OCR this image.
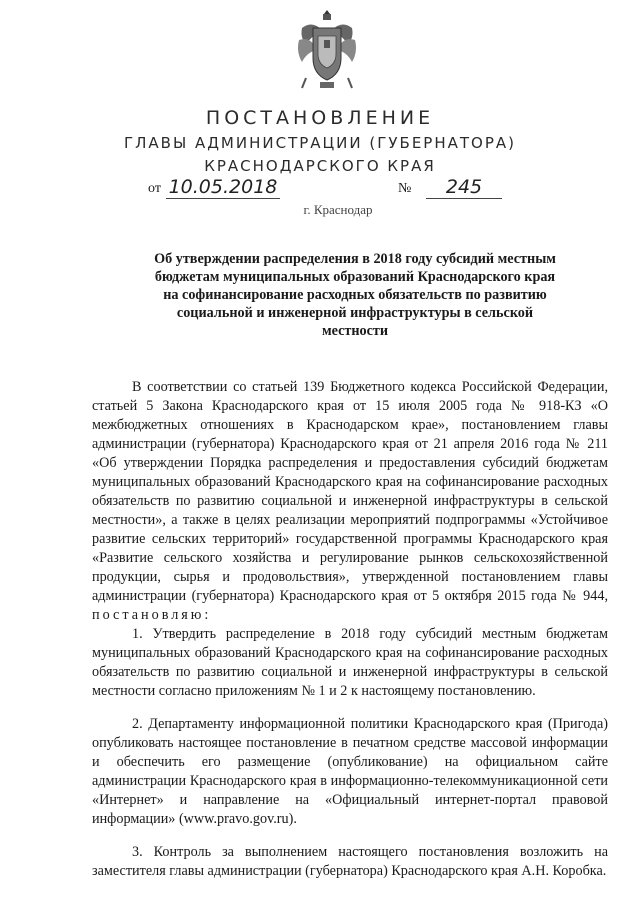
ПОСТАНОВЛЕНИЕ
ГЛАВЫ АДМИНИСТРАЦИИ (ГУБЕРНАТОРА)
КРАСНОДАРСКОГО КРАЯ
от 10.05.2018	№	245
г. Краснодар
Об утверждении распределения в 2018 году субсидий местным бюджетам муниципальных образований Краснодарского края на софинансирование расходных обязательств по развитию социальной и инженерной инфраструктуры в сельской местности

В соответствии со статьей 139 Бюджетного кодекса Российской Федерации, статьей 5 Закона Краснодарского края от 15 июля 2005 года № 918-КЗ «О межбюджетных отношениях в Краснодарском крае», постановлением главы администрации (губернатора) Краснодарского края от 21 апреля 2016 года № 211 «Об утверждении Порядка распределения и предоставления субсидий бюджетам муниципальных образований Краснодарского края на софинансирование расходных обязательств по развитию социальной и инженерной инфраструктуры в сельской местности», а также в целях реализации мероприятий подпрограммы «Устойчивое развитие сельских территорий» государственной программы Краснодарского края «Развитие сельского хозяйства и регулирование рынков сельскохозяйственной продукции, сырья и продовольствия», утвержденной постановлением главы администрации (губернатора) Краснодарского края от 5 октября 2015 года № 944, постановляю:

1. Утвердить распределение в 2018 году субсидий местным бюджетам муниципальных образований Краснодарского края на софинансирование расходных обязательств по развитию социальной и инженерной инфраструктуры в сельской местности согласно приложениям № 1 и 2 к настоящему постановлению.

2. Департаменту информационной политики Краснодарского края (Пригода) опубликовать настоящее постановление в печатном средстве массовой информации и обеспечить его размещение (опубликование) на официальном сайте администрации Краснодарского края в информационно-телекоммуникационной сети «Интернет» и направление на «Официальный интернет-портал правовой информации» (www.pravo.gov.ru).

3. Контроль за выполнением настоящего постановления возложить на заместителя главы администрации (губернатора) Краснодарского края А.Н. Коробка.
